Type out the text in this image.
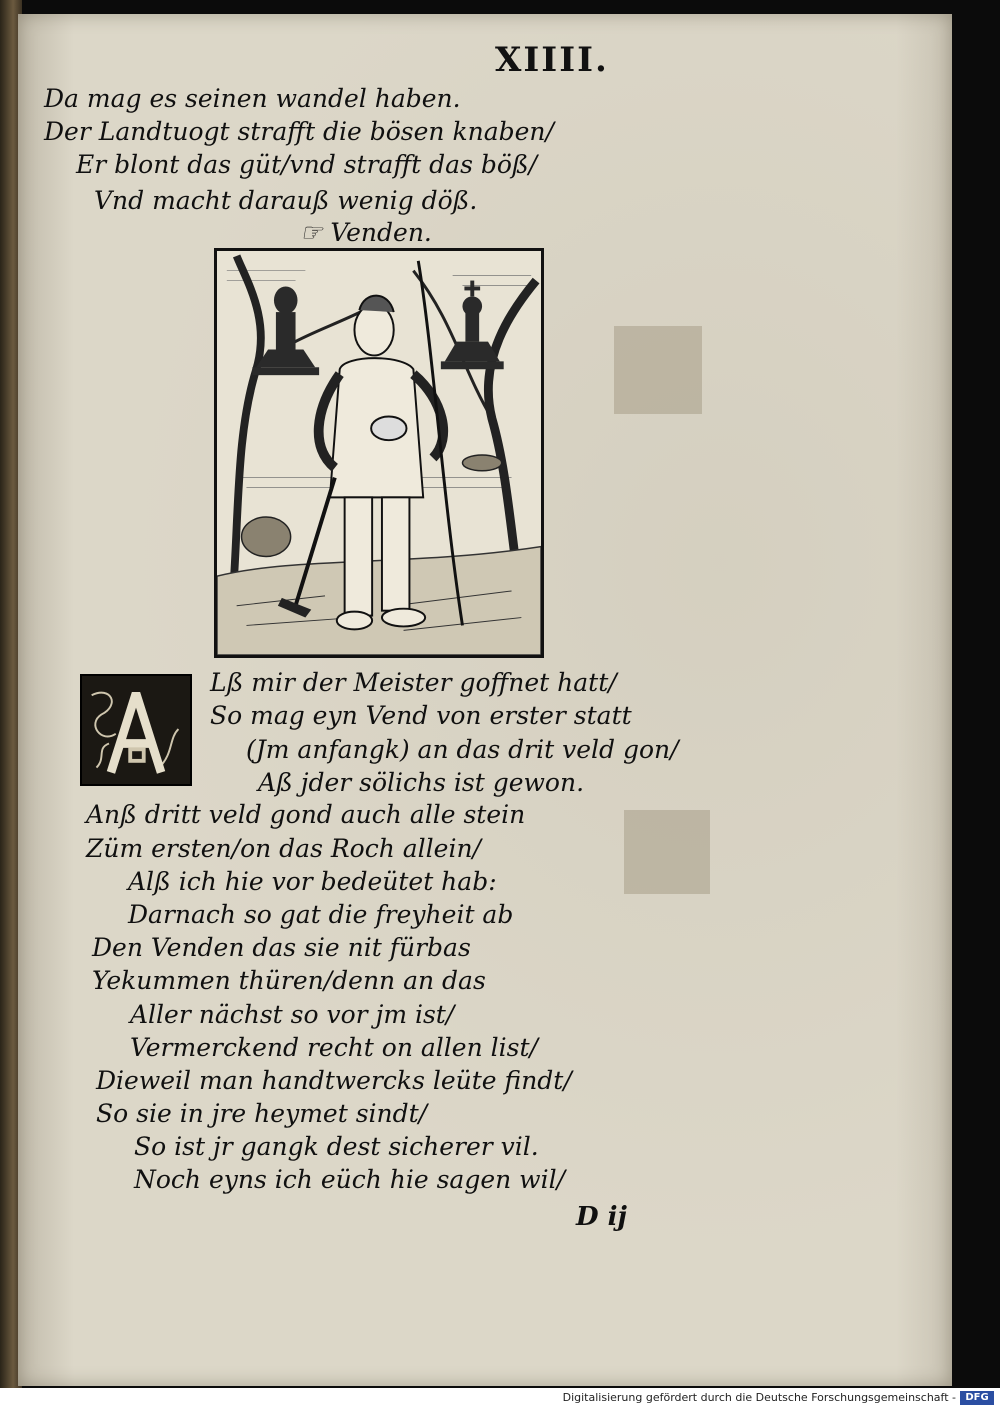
XIIII.
Da mag es seinen wandel haben.
Der Landtuogt strafft die bösen knaben/
Er blont das güt/vnd strafft das böß/
Vnd macht darauß wenig döß.
☞ Venden.
Lß mir der Meister goffnet hatt/
So mag eyn Vend von erster statt
(Jm anfangk) an das drit veld gon/
Aß jder sölichs ist gewon.
Anß dritt veld gond auch alle stein
Züm ersten/on das Roch allein/
Alß ich hie vor bedeütet hab:
Darnach so gat die freyheit ab
Den Venden das sie nit fürbas
Yekummen thüren/denn an das
Aller nächst so vor jm ist/
Vermerckend recht on allen list/
Dieweil man handtwercks leüte findt/
So sie in jre heymet sindt/
So ist jr gangk dest sicherer vil.
Noch eyns ich eüch hie sagen wil/
D ij
Digitalisierung gefördert durch die Deutsche Forschungsgemeinschaft - DFG
